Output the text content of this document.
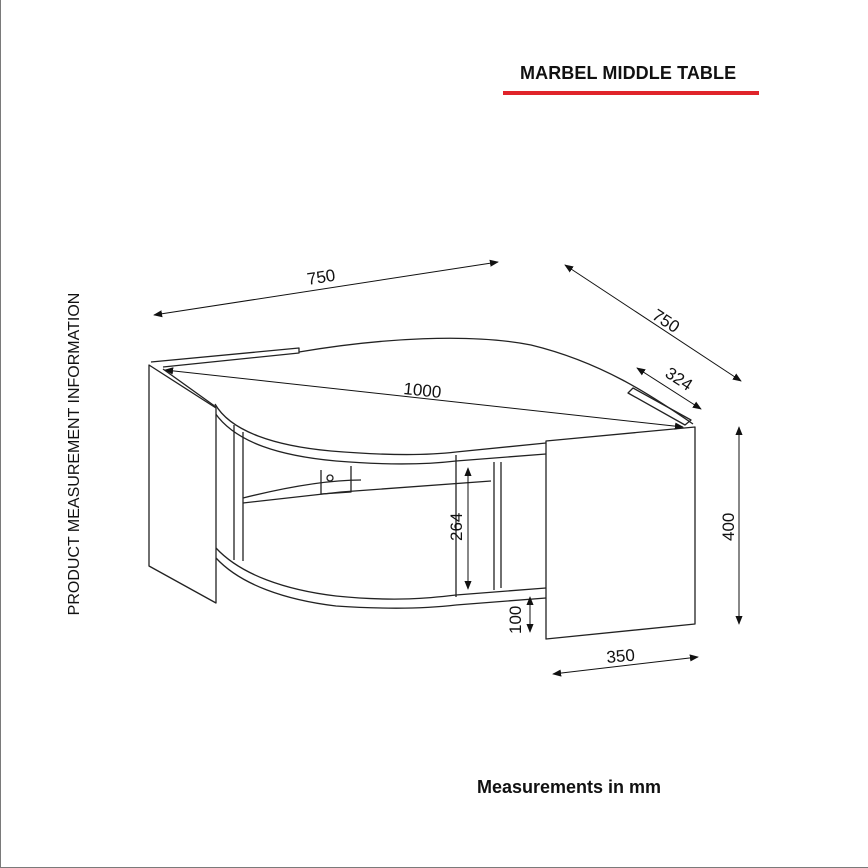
MARBEL MIDDLE TABLE
PRODUCT MEASUREMENT INFORMATION
750
750
1000	324
264	400
100
350
Measurements in mm
